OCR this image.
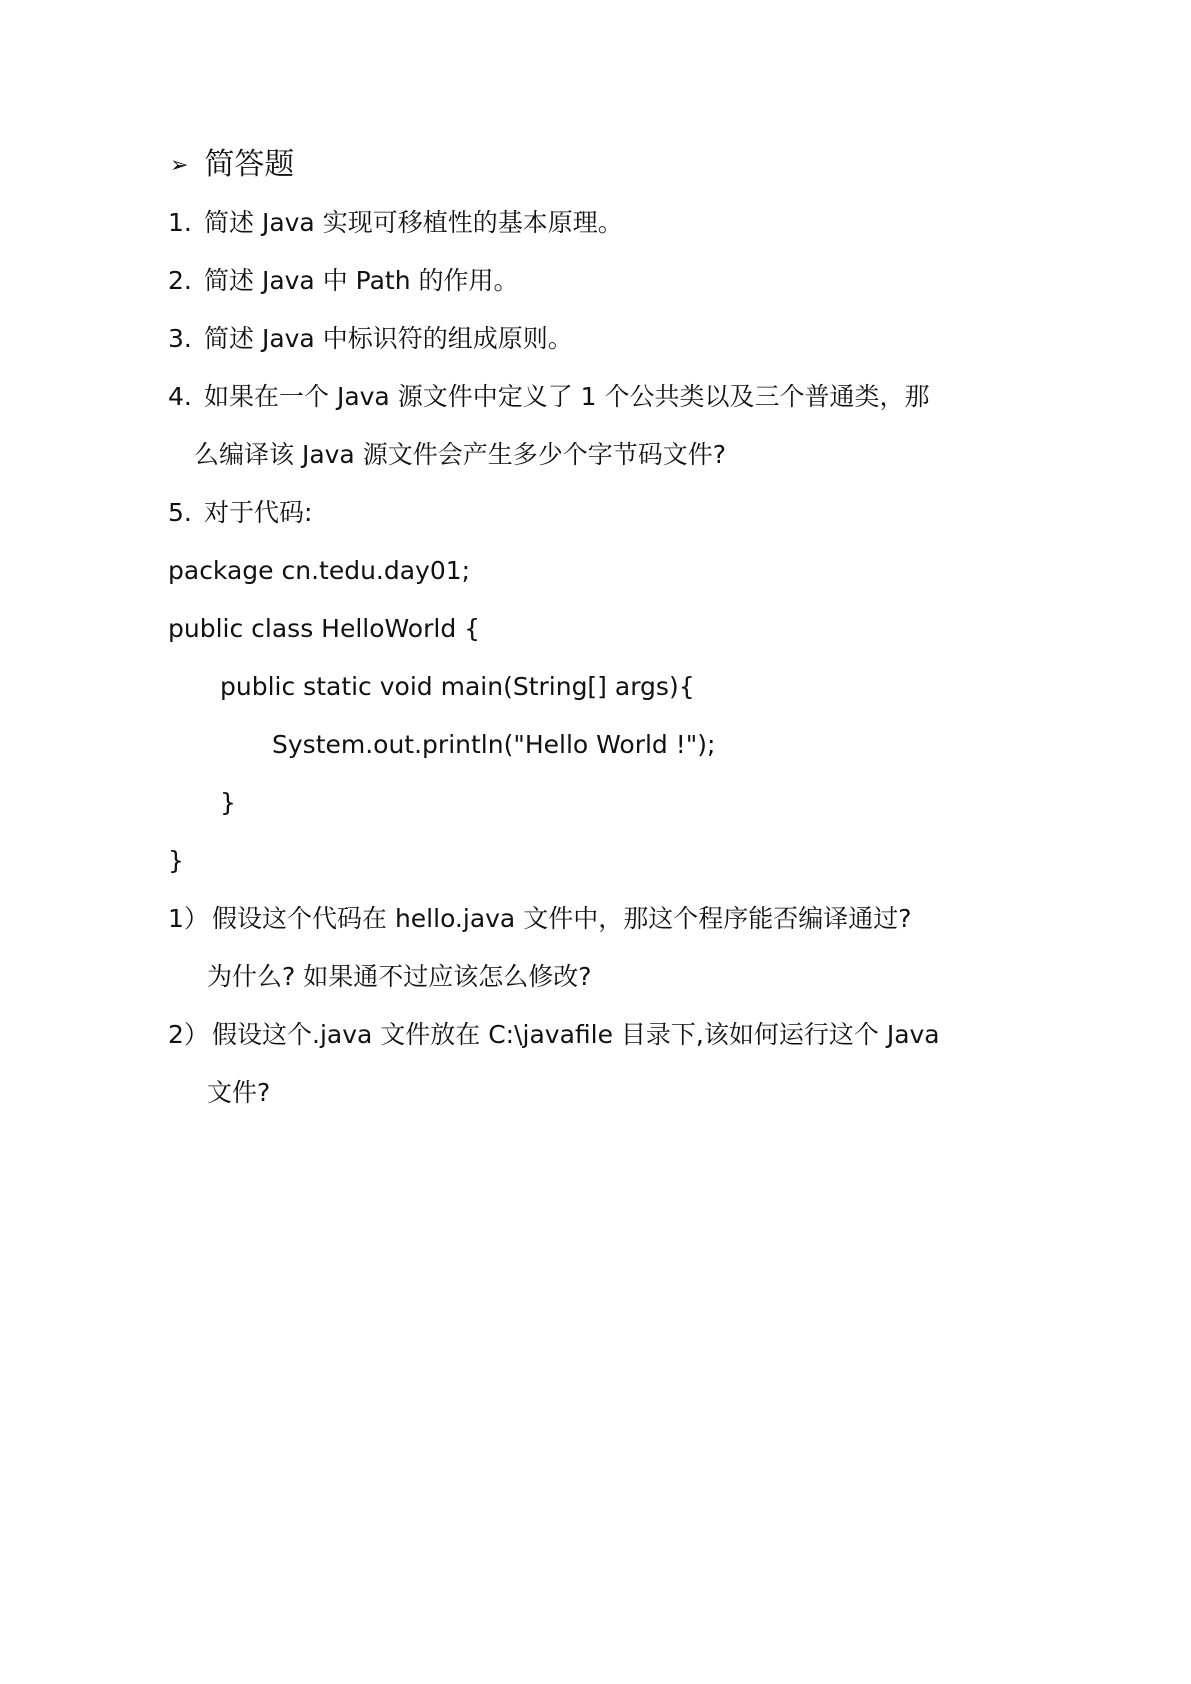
➢ 简答题
1. 简述 Java 实现可移植性的基本原理。
2. 简述 Java 中 Path 的作用。
3. 简述 Java 中标识符的组成原则。
4. 如果在一个 Java 源文件中定义了 1 个公共类以及三个普通类，那
么编译该 Java 源文件会产生多少个字节码文件?
5. 对于代码:
package cn.tedu.day01;
public class HelloWorld {
public static void main(String[] args){
System.out.println("Hello World !");
}
}
1） 假设这个代码在 hello.java 文件中，那这个程序能否编译通过?
为什么? 如果通不过应该怎么修改?
2） 假设这个.java 文件放在 C:\javafile 目录下,该如何运行这个 Java
文件?
